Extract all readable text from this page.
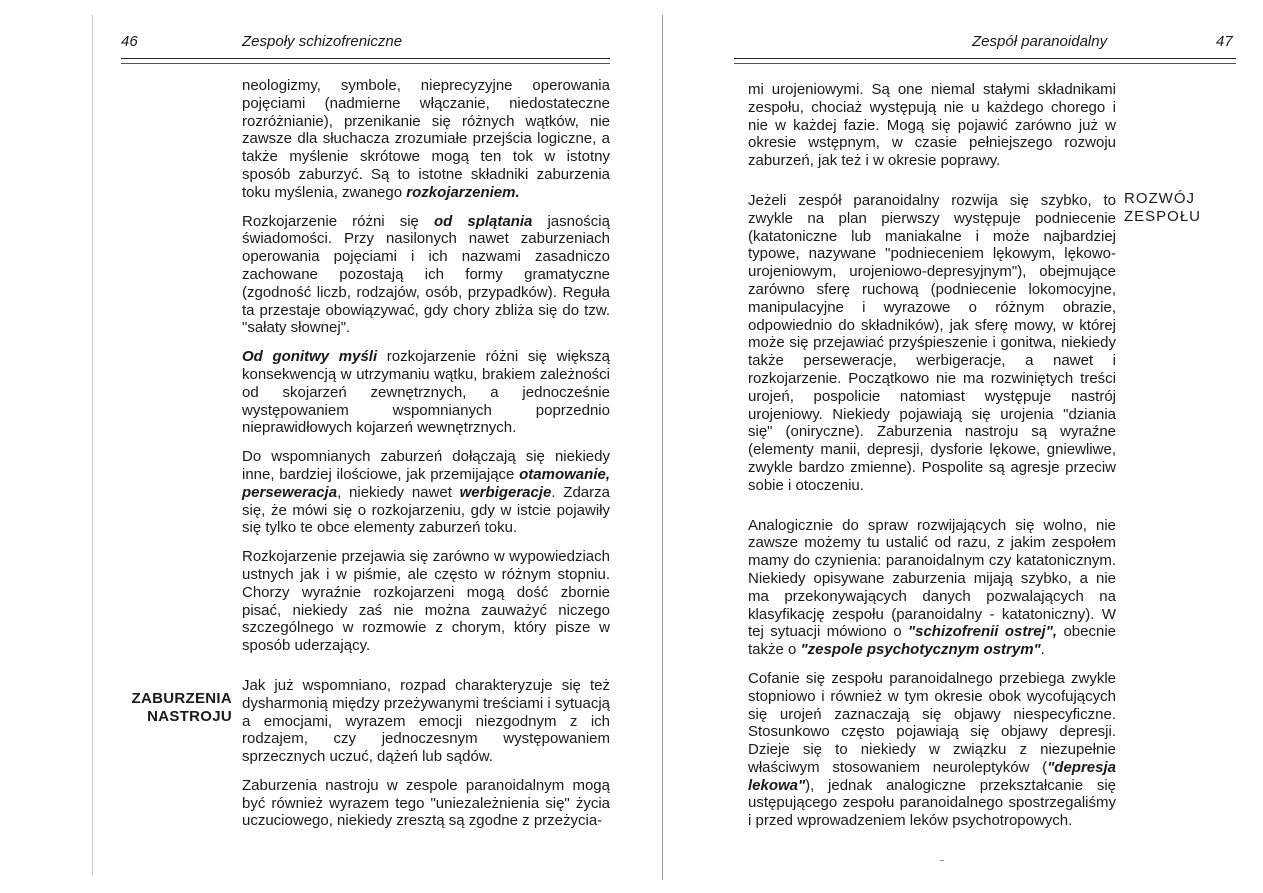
46	Zespoły schizofreniczne

neologizmy, symbole, nieprecyzyjne operowania pojęciami (nadmierne włączanie, niedostateczne rozróżnianie), przenikanie się różnych wątków, nie zawsze dla słuchacza zrozumiałe przejścia logiczne, a także myślenie skrótowe mogą ten tok w istotny sposób zaburzyć. Są to istotne składniki zaburzenia toku myślenia, zwanego rozkojarzeniem.

Rozkojarzenie różni się od splątania jasnością świadomości. Przy nasilonych nawet zaburzeniach operowania pojęciami i ich nazwami zasadniczo zachowane pozostają ich formy gramatyczne (zgodność liczb, rodzajów, osób, przypadków). Reguła ta przestaje obowiązywać, gdy chory zbliża się do tzw. "sałaty słownej".

Od gonitwy myśli rozkojarzenie różni się większą konsekwencją w utrzymaniu wątku, brakiem zależności od skojarzeń zewnętrznych, a jednocześnie występowaniem wspomnianych poprzednio nieprawidłowych kojarzeń wewnętrznych.

Do wspomnianych zaburzeń dołączają się niekiedy inne, bardziej ilościowe, jak przemijające otamowanie, perseweracja, niekiedy nawet werbigeracje. Zdarza się, że mówi się o rozkojarzeniu, gdy w istcie pojawiły się tylko te obce elementy zaburzeń toku.

Rozkojarzenie przejawia się zarówno w wypowiedziach ustnych jak i w piśmie, ale często w różnym stopniu. Chorzy wyraźnie rozkojarzeni mogą dość zbornie pisać, niekiedy zaś nie można zauważyć niczego szczególnego w rozmowie z chorym, który pisze w sposób uderzający.

Jak już wspomniano, rozpad charakteryzuje się też dysharmonią między przeżywanymi treściami i sytuacją a emocjami, wyrazem emocji niezgodnym z ich rodzajem, czy jednoczesnym występowaniem sprzecznych uczuć, dążeń lub sądów.

Zaburzenia nastroju w zespole paranoidalnym mogą być również wyrazem tego "uniezależnienia się" życia uczuciowego, niekiedy zresztą są zgodne z przeżycia-

ZABURZENIA
NASTROJU
Zespół paranoidalny	47

mi urojeniowymi. Są one niemal stałymi składnikami zespołu, chociaż występują nie u każdego chorego i nie w każdej fazie. Mogą się pojawić zarówno już w okresie wstępnym, w czasie pełniejszego rozwoju zaburzeń, jak też i w okresie poprawy.

Jeżeli zespół paranoidalny rozwija się szybko, to zwykle na plan pierwszy występuje podniecenie (katatoniczne lub maniakalne i może najbardziej typowe, nazywane "podnieceniem lękowym, lękowo-urojeniowym, urojeniowo-depresyjnym"), obejmujące zarówno sferę ruchową (podniecenie lokomocyjne, manipulacyjne i wyrazowe o różnym obrazie, odpowiednio do składników), jak sferę mowy, w której może się przejawiać przyśpieszenie i gonitwa, niekiedy także perseweracje, werbigeracje, a nawet i rozkojarzenie. Początkowo nie ma rozwiniętych treści urojeń, pospolicie natomiast występuje nastrój urojeniowy. Niekiedy pojawiają się urojenia "dziania się" (oniryczne). Zaburzenia nastroju są wyraźne (elementy manii, depresji, dysforie lękowe, gniewliwe, zwykle bardzo zmienne). Pospolite są agresje przeciw sobie i otoczeniu.

Analogicznie do spraw rozwijających się wolno, nie zawsze możemy tu ustalić od razu, z jakim zespołem mamy do czynienia: paranoidalnym czy katatonicznym. Niekiedy opisywane zaburzenia mijają szybko, a nie ma przekonywających danych pozwalających na klasyfikację zespołu (paranoidalny - katatoniczny). W tej sytuacji mówiono o "schizofrenii ostrej", obecnie także o "zespole psychotycznym ostrym".

Cofanie się zespołu paranoidalnego przebiega zwykle stopniowo i również w tym okresie obok wycofujących się urojeń zaznaczają się objawy niespecyficzne. Stosunkowo często pojawiają się objawy depresji. Dzieje się to niekiedy w związku z niezupełnie właściwym stosowaniem neuroleptyków ("depresja lekowa"), jednak analogiczne przekształcanie się ustępującego zespołu paranoidalnego spostrzegaliśmy i przed wprowadzeniem leków psychotropowych.

ROZWÓJ
ZESPOŁU
